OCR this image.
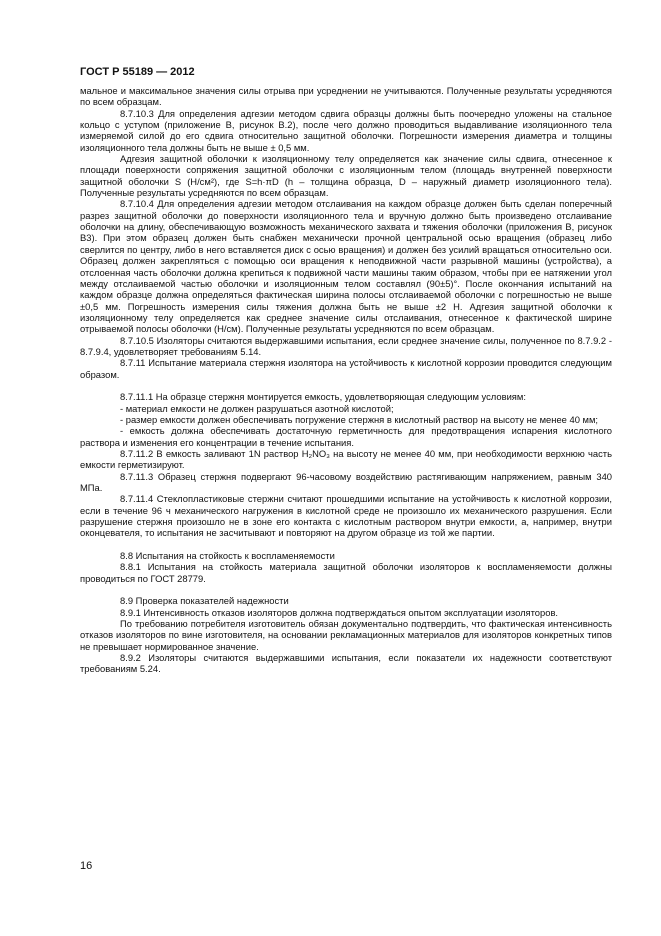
ГОСТ Р 55189 — 2012

мальное и максимальное значения силы отрыва при усреднении не учитываются. Полученные результаты усредняются по всем образцам.

8.7.10.3 Для определения адгезии методом сдвига образцы должны быть поочередно уложены на стальное кольцо с уступом (приложение В, рисунок В.2), после чего должно проводиться выдавливание изоляционного тела измеряемой силой до его сдвига относительно защитной оболочки. Погрешности измерения диаметра и толщины изоляционного тела должны быть не выше ± 0,5 мм.

Адгезия защитной оболочки к изоляционному телу определяется как значение силы сдвига, отнесенное к площади поверхности сопряжения защитной оболочки с изоляционным телом (площадь внутренней поверхности защитной оболочки S (Н/см²), где S=h·πD (h – толщина образца, D – наружный диаметр изоляционного тела). Полученные результаты усредняются по всем образцам.

8.7.10.4 Для определения адгезии методом отслаивания на каждом образце должен быть сделан поперечный разрез защитной оболочки до поверхности изоляционного тела и вручную должно быть произведено отслаивание оболочки на длину, обеспечивающую возможность механического захвата и тяжения оболочки (приложения В, рисунок В3). При этом образец должен быть снабжен механически прочной центральной осью вращения (образец либо сверлится по центру, либо в него вставляется диск с осью вращения) и должен без усилий вращаться относительно оси. Образец должен закрепляться с помощью оси вращения к неподвижной части разрывной машины (устройства), а отслоенная часть оболочки должна крепиться к подвижной части машины таким образом, чтобы при ее натяжении угол между отслаиваемой частью оболочки и изоляционным телом составлял (90±5)°. После окончания испытаний на каждом образце должна определяться фактическая ширина полосы отслаиваемой оболочки с погрешностью не выше ±0,5 мм. Погрешность измерения силы тяжения должна быть не выше ±2 Н. Адгезия защитной оболочки к изоляционному телу определяется как среднее значение силы отслаивания, отнесенное к фактической ширине отрываемой полосы оболочки (Н/см). Полученные результаты усредняются по всем образцам.

8.7.10.5 Изоляторы считаются выдержавшими испытания, если среднее значение силы, полученное по 8.7.9.2 - 8.7.9.4, удовлетворяет требованиям 5.14.

8.7.11 Испытание материала стержня изолятора на устойчивость к кислотной коррозии проводится следующим образом.

8.7.11.1 На образце стержня монтируется емкость, удовлетворяющая следующим условиям:

- материал емкости не должен разрушаться азотной кислотой;

- размер емкости должен обеспечивать погружение стержня в кислотный раствор на высоту не менее 40 мм;

- емкость должна обеспечивать достаточную герметичность для предотвращения испарения кислотного раствора и изменения его концентрации в течение испытания.

8.7.11.2 В емкость заливают 1N раствор H₂NO₃ на высоту не менее 40 мм, при необходимости верхнюю часть емкости герметизируют.

8.7.11.3 Образец стержня подвергают 96-часовому воздействию растягивающим напряжением, равным 340 МПа.

8.7.11.4 Стеклопластиковые стержни считают прошедшими испытание на устойчивость к кислотной коррозии, если в течение 96 ч механического нагружения в кислотной среде не произошло их механического разрушения. Если разрушение стержня произошло не в зоне его контакта с кислотным раствором внутри емкости, а, например, внутри оконцевателя, то испытания не засчитывают и повторяют на другом образце из той же партии.

8.8 Испытания на стойкость к воспламеняемости

8.8.1 Испытания на стойкость материала защитной оболочки изоляторов к воспламеняемости должны проводиться по ГОСТ 28779.

8.9 Проверка показателей надежности

8.9.1 Интенсивность отказов изоляторов должна подтверждаться опытом эксплуатации изоляторов.

По требованию потребителя изготовитель обязан документально подтвердить, что фактическая интенсивность отказов изоляторов по вине изготовителя, на основании рекламационных материалов для изоляторов конкретных типов не превышает нормированное значение.

8.9.2 Изоляторы считаются выдержавшими испытания, если показатели их надежности соответствуют требованиям 5.24.

16
